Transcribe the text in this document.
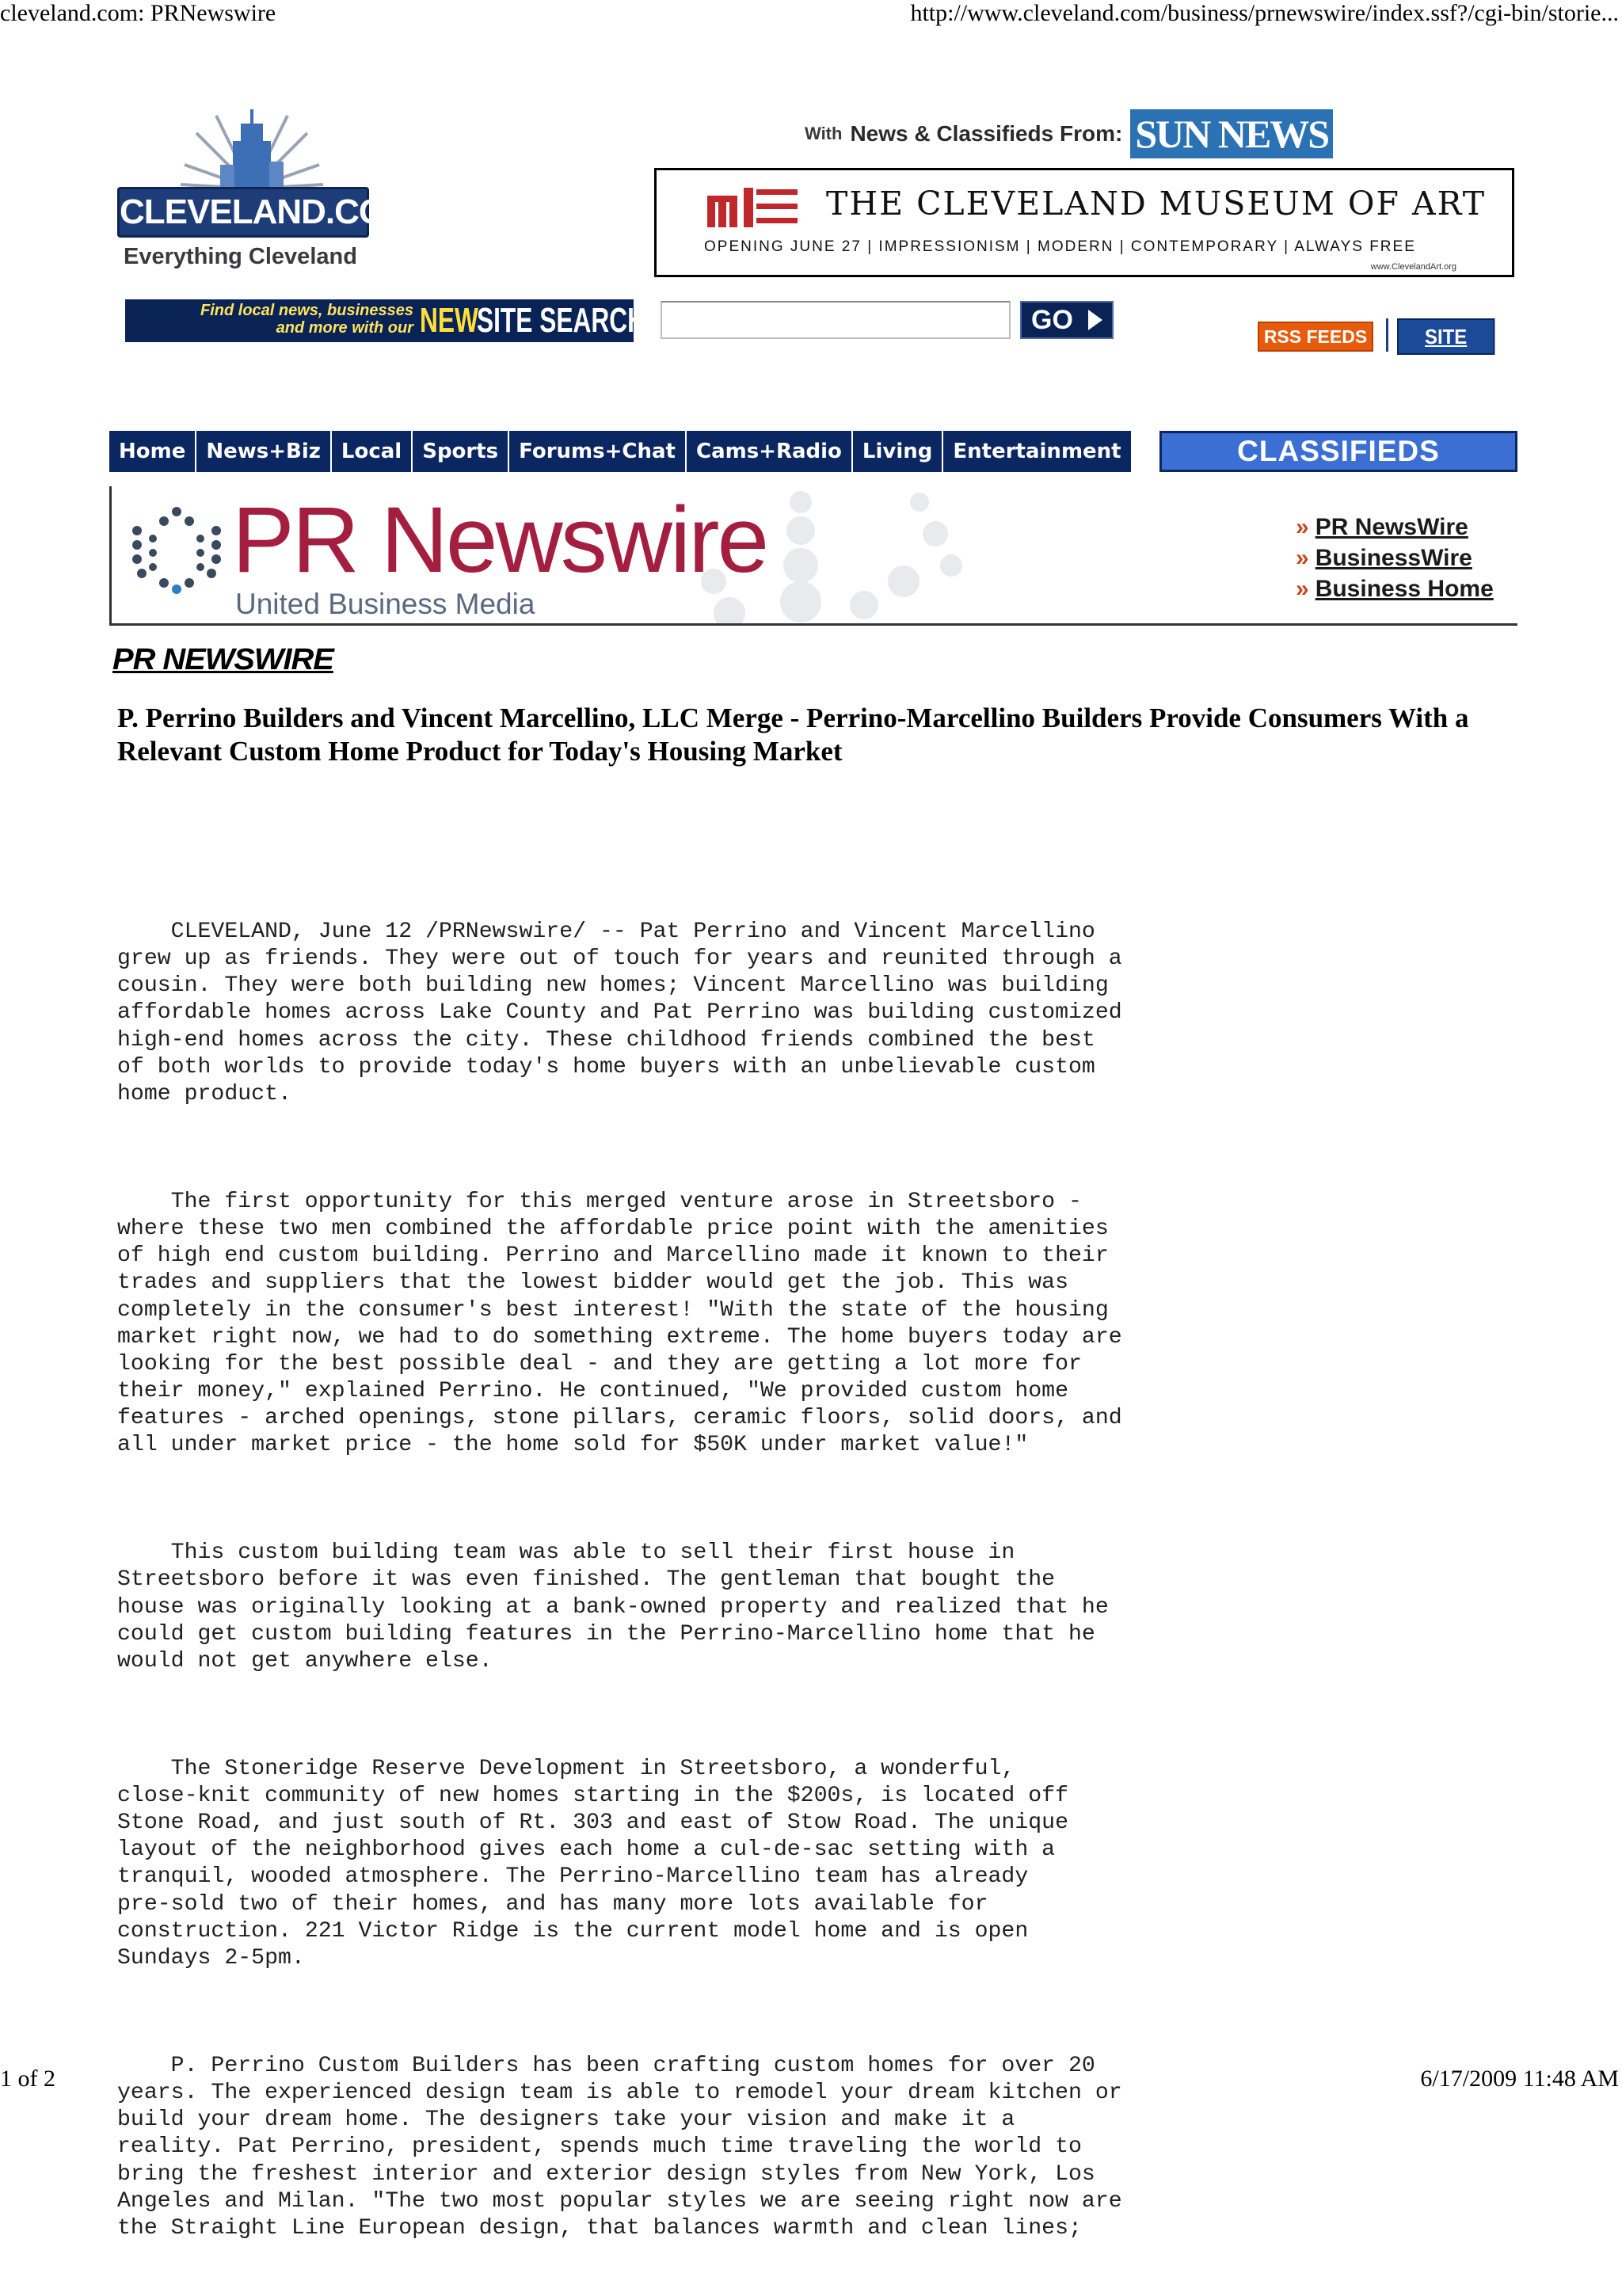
cleveland.com: PRNewswire	http://www.cleveland.com/business/prnewswire/index.ssf?/cgi-bin/storie...
1 of 2	6/17/2009 11:48 AM
CLEVELAND.COM
Everything Cleveland
With News & Classifieds From: SUN NEWS
THE CLEVELAND MUSEUM OF ART
OPENING JUNE 27 | IMPRESSIONISM | MODERN | CONTEMPORARY | ALWAYS FREE
www.ClevelandArt.org
Find local news, businesses
and more with our NEW
SITE SEARCH:	GO
RSS FEEDS	SITE INDEX
Home	News+Biz	Local	Sports	Forums+Chat	Cams+Radio	Living	Entertainment	CLASSIFIEDS
PR Newswire
United Business Media
» PR NewsWire
» BusinessWire
» Business Home
PR NEWSWIRE
P. Perrino Builders and Vincent Marcellino, LLC Merge - Perrino-Marcellino Builders Provide Consumers With a Relevant Custom Home Product for Today's Housing Market

CLEVELAND, June 12 /PRNewswire/ -- Pat Perrino and Vincent Marcellino
grew up as friends. They were out of touch for years and reunited through a
cousin. They were both building new homes; Vincent Marcellino was building
affordable homes across Lake County and Pat Perrino was building customized
high-end homes across the city. These childhood friends combined the best
of both worlds to provide today's home buyers with an unbelievable custom
home product.

The first opportunity for this merged venture arose in Streetsboro -
where these two men combined the affordable price point with the amenities
of high end custom building. Perrino and Marcellino made it known to their
trades and suppliers that the lowest bidder would get the job. This was
completely in the consumer's best interest! "With the state of the housing
market right now, we had to do something extreme. The home buyers today are
looking for the best possible deal - and they are getting a lot more for
their money," explained Perrino. He continued, "We provided custom home
features - arched openings, stone pillars, ceramic floors, solid doors, and
all under market price - the home sold for $50K under market value!"

This custom building team was able to sell their first house in
Streetsboro before it was even finished. The gentleman that bought the
house was originally looking at a bank-owned property and realized that he
could get custom building features in the Perrino-Marcellino home that he
would not get anywhere else.

The Stoneridge Reserve Development in Streetsboro, a wonderful,
close-knit community of new homes starting in the $200s, is located off
Stone Road, and just south of Rt. 303 and east of Stow Road. The unique
layout of the neighborhood gives each home a cul-de-sac setting with a
tranquil, wooded atmosphere. The Perrino-Marcellino team has already
pre-sold two of their homes, and has many more lots available for
construction. 221 Victor Ridge is the current model home and is open
Sundays 2-5pm.

P. Perrino Custom Builders has been crafting custom homes for over 20
years. The experienced design team is able to remodel your dream kitchen or
build your dream home. The designers take your vision and make it a
reality. Pat Perrino, president, spends much time traveling the world to
bring the freshest interior and exterior design styles from New York, Los
Angeles and Milan. "The two most popular styles we are seeing right now are
the Straight Line European design, that balances warmth and clean lines;
